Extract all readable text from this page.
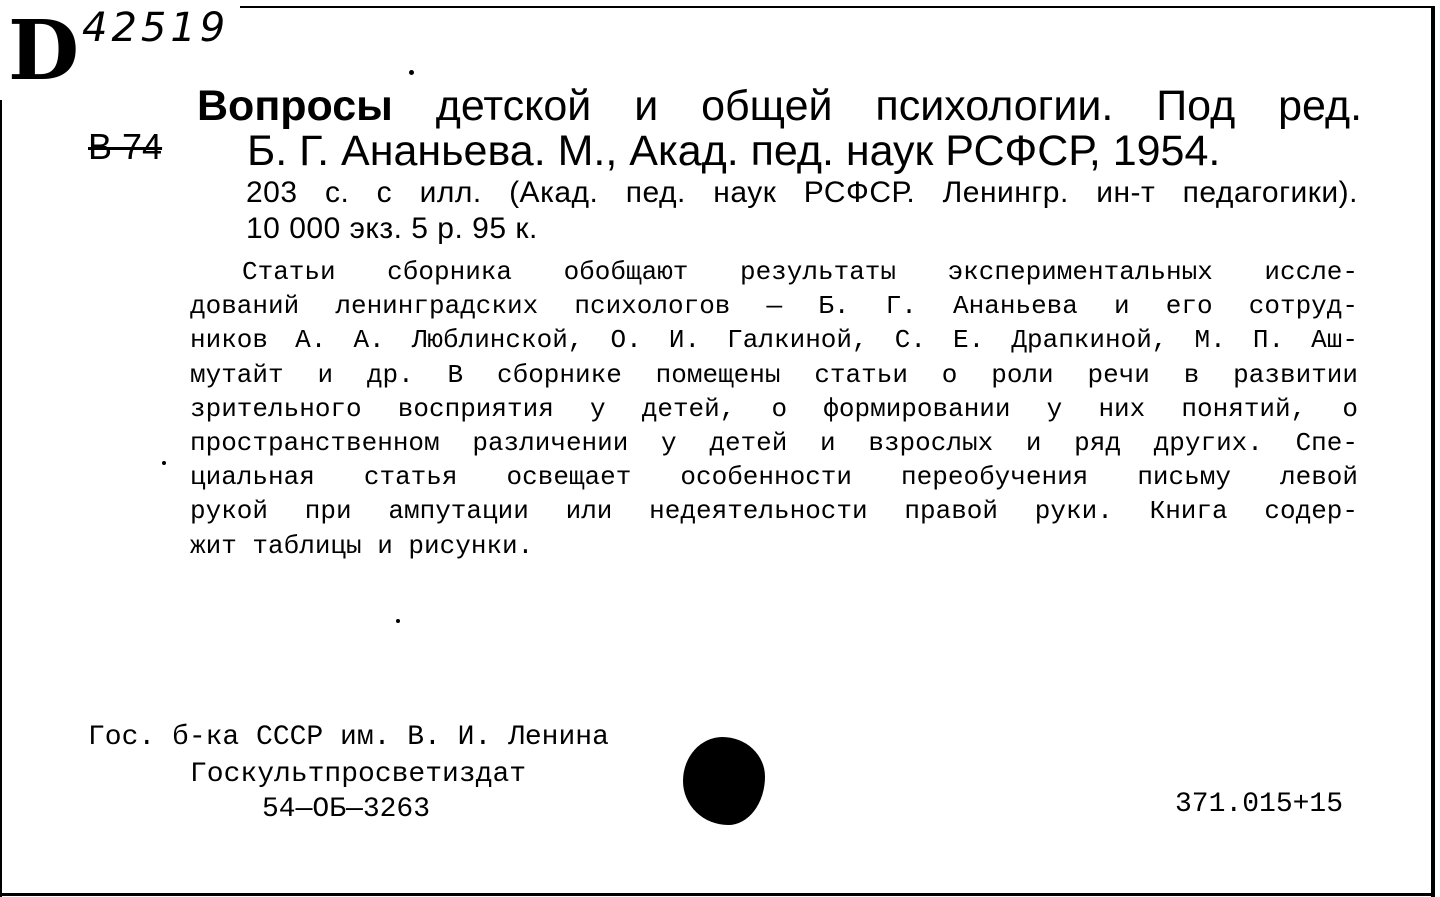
D 42519
В 74
Вопросы детской и общей психологии. Под ред.
Б. Г. Ананьева. М., Акад. пед. наук РСФСР, 1954.
203 с. с илл. (Акад. пед. наук РСФСР. Ленингр. ин-т педагогики).
10 000 экз. 5 р. 95 к.
Статьи сборника обобщают результаты экспериментальных иссле-
дований ленинградских психологов — Б. Г. Ананьева и его сотруд-
ников А. А. Люблинской, О. И. Галкиной, С. Е. Драпкиной, М. П. Аш-
мутайт и др. В сборнике помещены статьи о роли речи в развитии
зрительного восприятия у детей, о формировании у них понятий, о
пространственном различении у детей и взрослых и ряд других. Спе-
циальная статья освещает особенности переобучения письму левой
рукой при ампутации или недеятельности правой руки. Книга содер-
жит таблицы и рисунки.
Гос. б-ка СССР им. В. И. Ленина
Госкультпросветиздат
54—ОБ—3263	371.015+15
